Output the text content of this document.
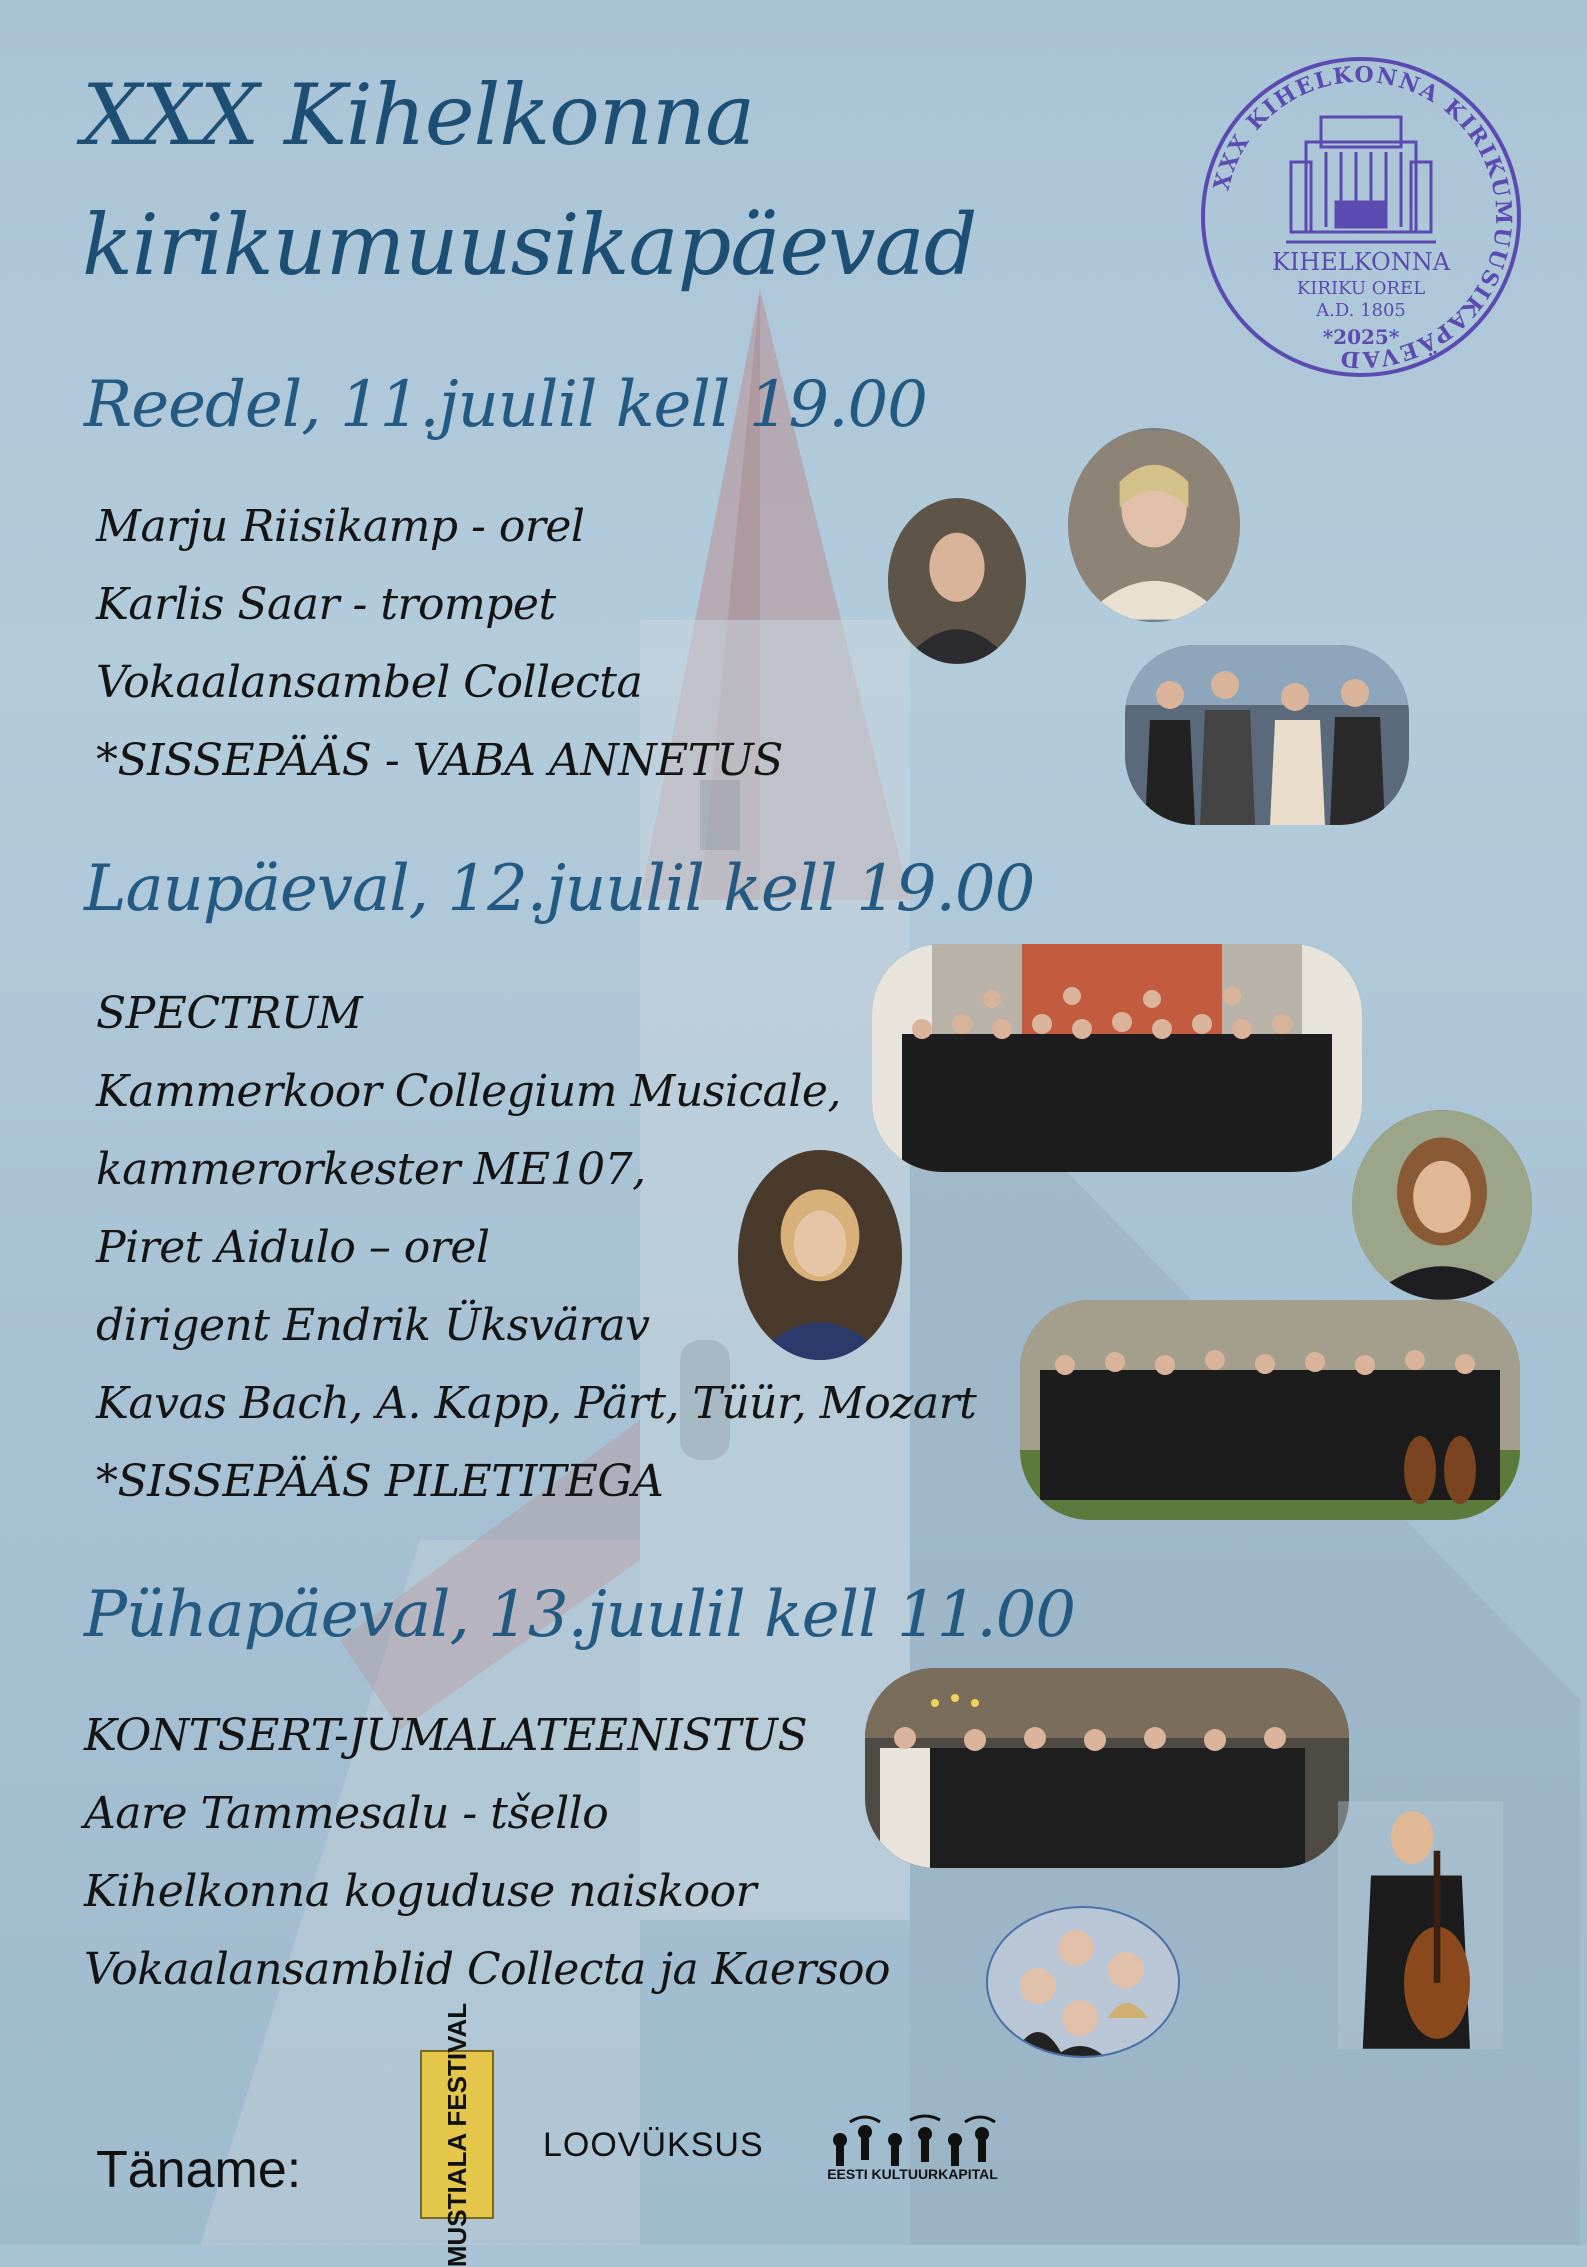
XXX Kihelkonna
kirikumuusikapäevad
XXX KIHELKONNA KIRIKUMUUSIKAPÄEVAD
KIHELKONNA
KIRIKU OREL
A.D. 1805
*2025*
Reedel, 11.juulil kell 19.00
Marju Riisikamp - orel
Karlis Saar - trompet
Vokaalansambel Collecta
*SISSEPÄÄS - VABA ANNETUS
Laupäeval, 12.juulil kell 19.00
SPECTRUM
Kammerkoor Collegium Musicale,
kammerorkester ME107,
Piret Aidulo – orel
dirigent Endrik Üksvärav
Kavas Bach, A. Kapp, Pärt, Tüür, Mozart
*SISSEPÄÄS PILETITEGA
Pühapäeval, 13.juulil kell 11.00
KONTSERT-JUMALATEENISTUS
Aare Tammesalu - tšello
Kihelkonna koguduse naiskoor
Vokaalansamblid Collecta ja Kaersoo
Täname:	MUSTIALA FESTIVAL LOOVÜKSUS
EESTI KULTUURKAPITAL
